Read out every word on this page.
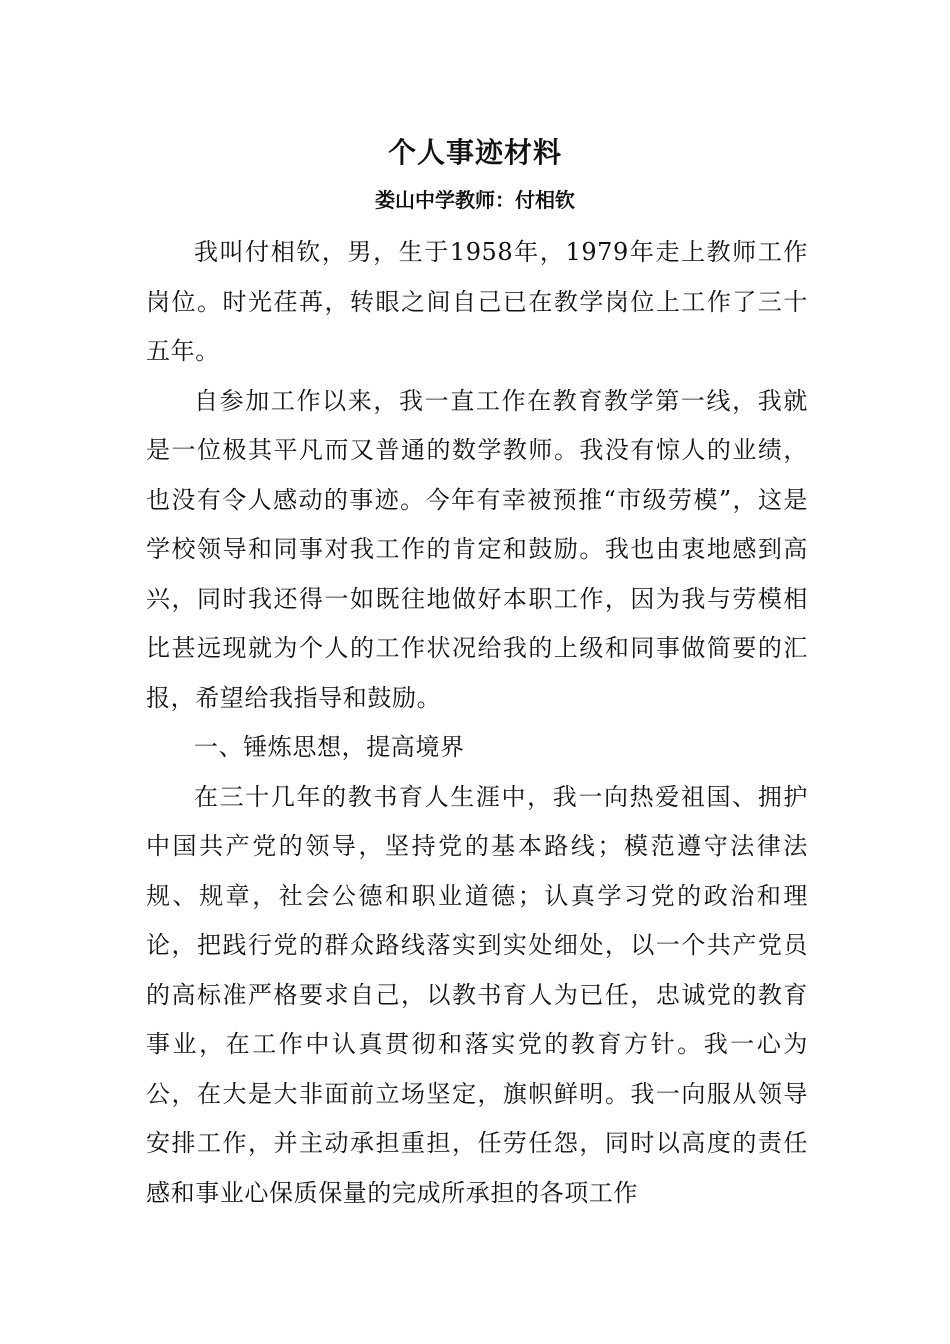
个人事迹材料
娄山中学教师：付相钦

我叫付相钦，男，生于1958年，1979年走上教师工作岗位。时光荏苒，转眼之间自己已在教学岗位上工作了三十五年。

自参加工作以来，我一直工作在教育教学第一线，我就是一位极其平凡而又普通的数学教师。我没有惊人的业绩，也没有令人感动的事迹。今年有幸被预推“市级劳模”，这是学校领导和同事对我工作的肯定和鼓励。我也由衷地感到高兴，同时我还得一如既往地做好本职工作，因为我与劳模相比甚远现就为个人的工作状况给我的上级和同事做简要的汇报，希望给我指导和鼓励。

一、锤炼思想，提高境界

在三十几年的教书育人生涯中，我一向热爱祖国、拥护中国共产党的领导，坚持党的基本路线；模范遵守法律法规、规章，社会公德和职业道德；认真学习党的政治和理论，把践行党的群众路线落实到实处细处，以一个共产党员的高标准严格要求自己，以教书育人为已任，忠诚党的教育事业，在工作中认真贯彻和落实党的教育方针。我一心为公，在大是大非面前立场坚定，旗帜鲜明。我一向服从领导安排工作，并主动承担重担，任劳任怨，同时以高度的责任感和事业心保质保量的完成所承担的各项工作
